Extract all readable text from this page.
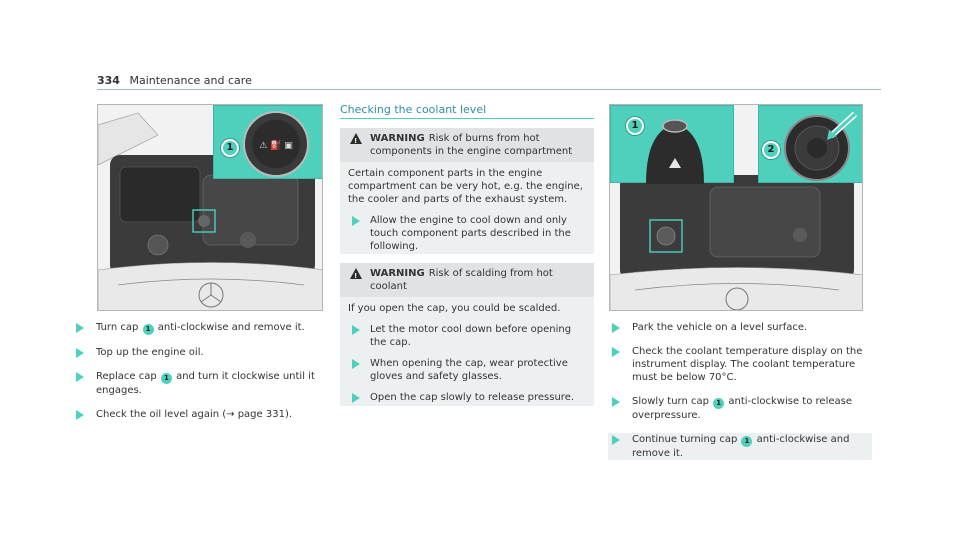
334 Maintenance and care
⚠ ⛽ ▣
1
Turn cap 1 anti-clockwise and remove it.
Top up the engine oil.
Replace cap 1 and turn it clockwise until it engages.
Check the oil level again (→ page 331).
Checking the coolant level
!
WARNING Risk of burns from hot components in the engine compartment
Certain component parts in the engine compartment can be very hot, e.g. the engine, the cooler and parts of the exhaust system.
Allow the engine to cool down and only touch component parts described in the following.
!
WARNING Risk of scalding from hot coolant
If you open the cap, you could be scalded.
Let the motor cool down before opening the cap.
When opening the cap, wear protective gloves and safety glasses.
Open the cap slowly to release pressure.
1
2
Park the vehicle on a level surface.
Check the coolant temperature display on the instrument display. The coolant temperature must be below 70°C.
Slowly turn cap 1 anti-clockwise to release overpressure.
Continue turning cap 1 anti-clockwise and remove it.
